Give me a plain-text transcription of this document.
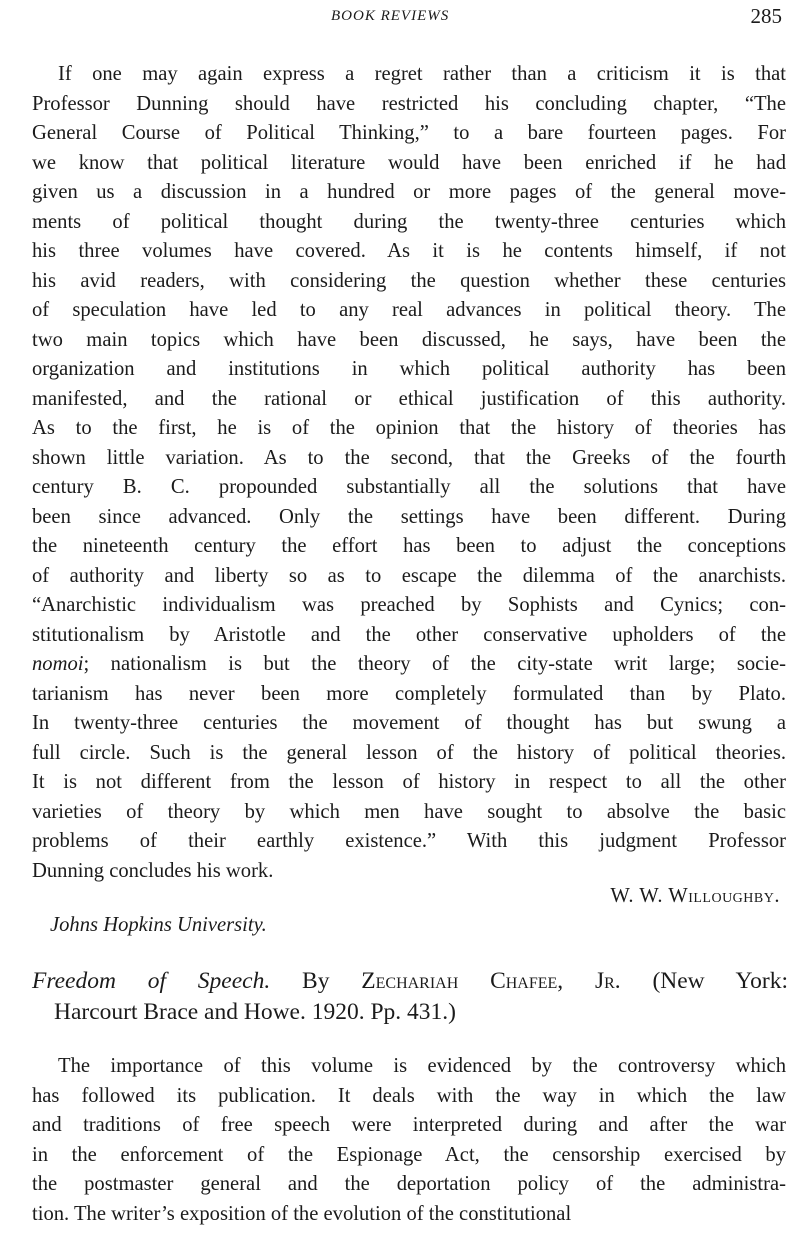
BOOK REVIEWS	285
If one may again express a regret rather than a criticism it is that
Professor Dunning should have restricted his concluding chapter, “The
General Course of Political Thinking,” to a bare fourteen pages. For
we know that political literature would have been enriched if he had
given us a discussion in a hundred or more pages of the general move-
ments of political thought during the twenty-three centuries which
his three volumes have covered. As it is he contents himself, if not
his avid readers, with considering the question whether these centuries
of speculation have led to any real advances in political theory. The
two main topics which have been discussed, he says, have been the
organization and institutions in which political authority has been
manifested, and the rational or ethical justification of this authority.
As to the first, he is of the opinion that the history of theories has
shown little variation. As to the second, that the Greeks of the fourth
century B. C. propounded substantially all the solutions that have
been since advanced. Only the settings have been different. During
the nineteenth century the effort has been to adjust the conceptions
of authority and liberty so as to escape the dilemma of the anarchists.
“Anarchistic individualism was preached by Sophists and Cynics; con-
stitutionalism by Aristotle and the other conservative upholders of the
nomoi; nationalism is but the theory of the city-state writ large; socie-
tarianism has never been more completely formulated than by Plato.
In twenty-three centuries the movement of thought has but swung a
full circle. Such is the general lesson of the history of political theories.
It is not different from the lesson of history in respect to all the other
varieties of theory by which men have sought to absolve the basic
problems of their earthly existence.” With this judgment Professor
Dunning concludes his work.
W. W. Willoughby.
Johns Hopkins University.
Freedom of Speech. By Zechariah Chafee, Jr. (New York:
Harcourt Brace and Howe. 1920. Pp. 431.)
The importance of this volume is evidenced by the controversy which
has followed its publication. It deals with the way in which the law
and traditions of free speech were interpreted during and after the war
in the enforcement of the Espionage Act, the censorship exercised by
the postmaster general and the deportation policy of the administra-
tion. The writer’s exposition of the evolution of the constitutional
